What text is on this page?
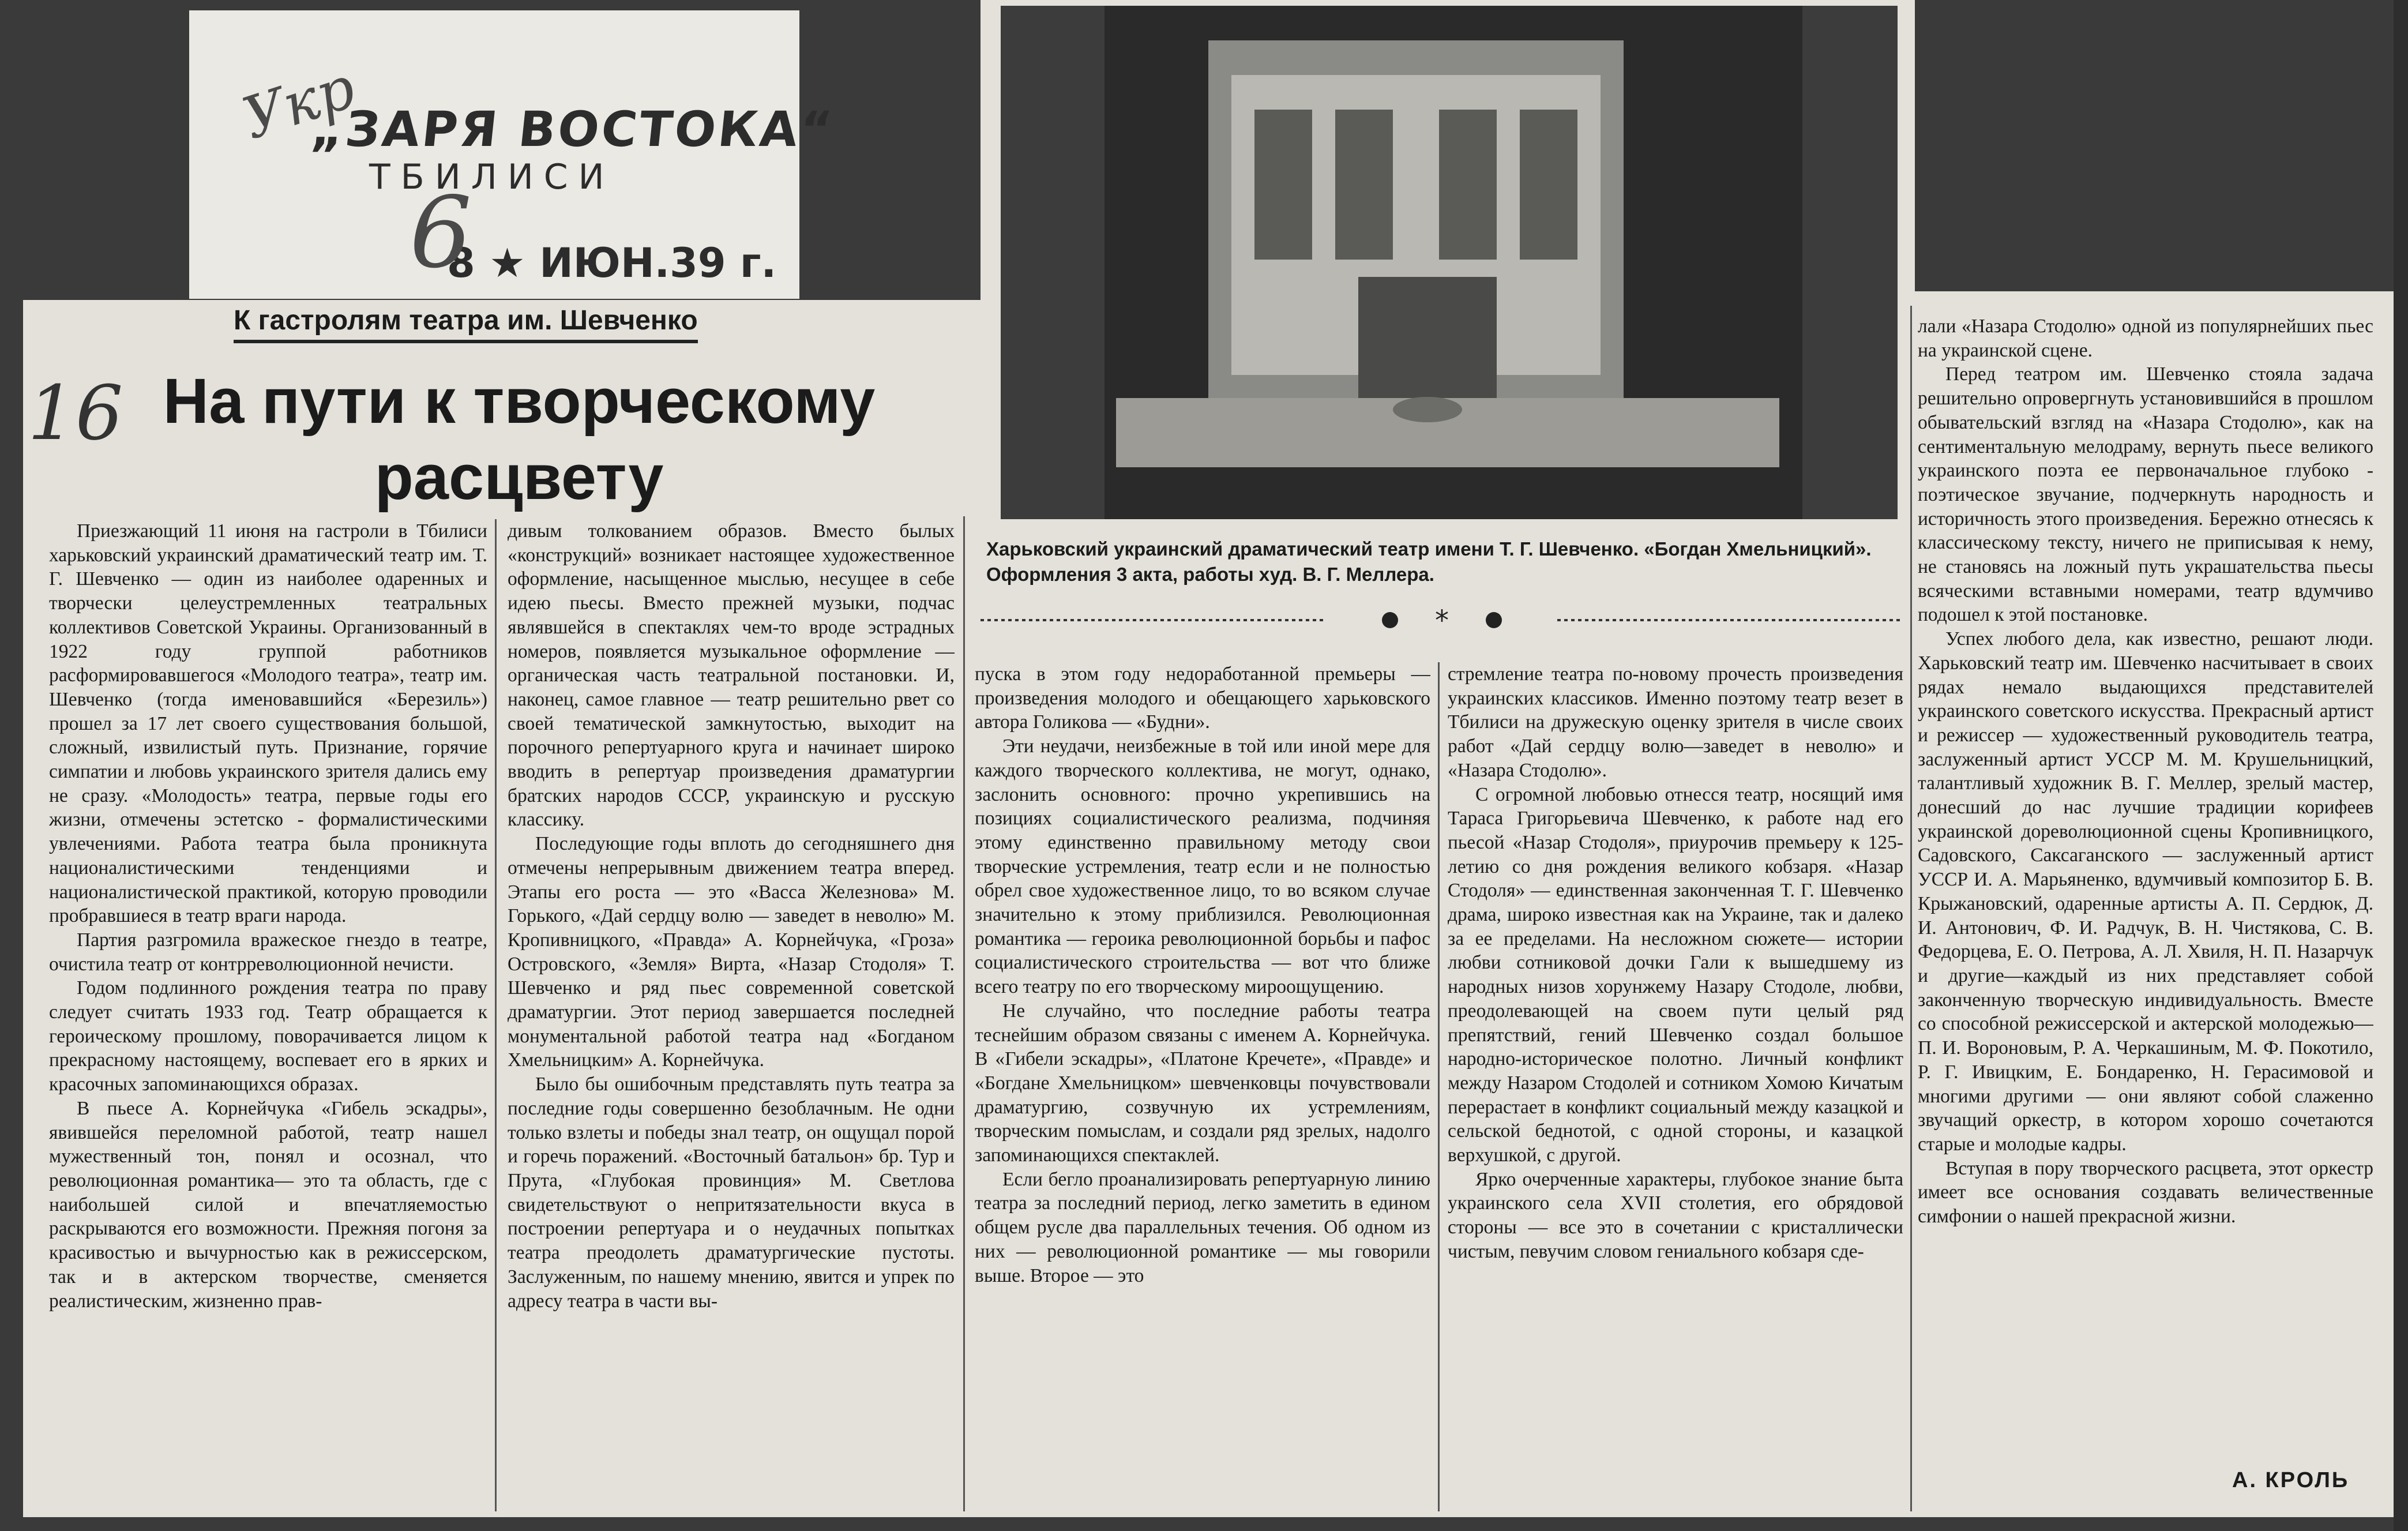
„ЗАРЯ ВОСТОКА“
ТБИЛИСИ
8 ★ ИЮН.39 г.
Укр
6
16
К гастролям театра им. Шевченко
На пути к творческому
расцвету
Харьковский украинский драматический театр имени Т. Г. Шевченко. «Богдан Хмельницкий». Оформления 3 акта, работы худ. В. Г. Меллера.
*

Приезжающий 11 июня на гастроли в Тбилиси харьковский украинский драматический театр им. Т. Г. Шевченко — один из наиболее одаренных и творчески целеустремленных театральных коллективов Советской Украины. Организованный в 1922 году группой работников расформировавшегося «Молодого театра», театр им. Шевченко (тогда именовавшийся «Березиль») прошел за 17 лет своего существования большой, сложный, извилистый путь. Признание, горячие симпатии и любовь украинского зрителя дались ему не сразу. «Молодость» театра, первые годы его жизни, отмечены эстетско - формалистическими увлечениями. Работа театра была проникнута националистическими тенденциями и националистической практикой, которую проводили пробравшиеся в театр враги народа.

Партия разгромила вражеское гнездо в театре, очистила театр от контрреволюционной нечисти.

Годом подлинного рождения театра по праву следует считать 1933 год. Театр обращается к героическому прошлому, поворачивается лицом к прекрасному настоящему, воспевает его в ярких и красочных запоминающихся образах.

В пьесе А. Корнейчука «Гибель эскадры», явившейся переломной работой, театр нашел мужественный тон, понял и осознал, что революционная романтика— это та область, где с наибольшей силой и впечатляемостью раскрываются его возможности. Прежняя погоня за красивостью и вычурностью как в режиссерском, так и в актерском творчестве, сменяется реалистическим, жизненно прав-

дивым толкованием образов. Вместо былых «конструкций» возникает настоящее художественное оформление, насыщенное мыслью, несущее в себе идею пьесы. Вместо прежней музыки, подчас являвшейся в спектаклях чем-то вроде эстрадных номеров, появляется музыкальное оформление — органическая часть театральной постановки. И, наконец, самое главное — театр решительно рвет со своей тематической замкнутостью, выходит на порочного репертуарного круга и начинает широко вводить в репертуар произведения драматургии братских народов СССР, украинскую и русскую классику.

Последующие годы вплоть до сегодняшнего дня отмечены непрерывным движением театра вперед. Этапы его роста — это «Васса Железнова» М. Горького, «Дай сердцу волю — заведет в неволю» М. Кропивницкого, «Правда» А. Корнейчука, «Гроза» Островского, «Земля» Вирта, «Назар Стодоля» Т. Шевченко и ряд пьес современной советской драматургии. Этот период завершается последней монументальной работой театра над «Богданом Хмельницким» А. Корнейчука.

Было бы ошибочным представлять путь театра за последние годы совершенно безоблачным. Не одни только взлеты и победы знал театр, он ощущал порой и горечь поражений. «Восточный батальон» бр. Тур и Прута, «Глубокая провинция» М. Светлова свидетельствуют о непритязательности вкуса в построении репертуара и о неудачных попытках театра преодолеть драматургические пустоты. Заслуженным, по нашему мнению, явится и упрек по адресу театра в части вы-

пуска в этом году недоработанной премьеры — произведения молодого и обещающего харьковского автора Голикова — «Будни».

Эти неудачи, неизбежные в той или иной мере для каждого творческого коллектива, не могут, однако, заслонить основного: прочно укрепившись на позициях социалистического реализма, подчиняя этому единственно правильному методу свои творческие устремления, театр если и не полностью обрел свое художественное лицо, то во всяком случае значительно к этому приблизился. Революционная романтика — героика революционной борьбы и пафос социалистического строительства — вот что ближе всего театру по его творческому мироощущению.

Не случайно, что последние работы театра теснейшим образом связаны с именем А. Корнейчука. В «Гибели эскадры», «Платоне Кречете», «Правде» и «Богдане Хмельницком» шевченковцы почувствовали драматургию, созвучную их устремлениям, творческим помыслам, и создали ряд зрелых, надолго запоминающихся спектаклей.

Если бегло проанализировать репертуарную линию театра за последний период, легко заметить в едином общем русле два параллельных течения. Об одном из них — революционной романтике — мы говорили выше. Второе — это

стремление театра по-новому прочесть произведения украинских классиков. Именно поэтому театр везет в Тбилиси на дружескую оценку зрителя в числе своих работ «Дай сердцу волю—заведет в неволю» и «Назара Стодолю».

С огромной любовью отнесся театр, носящий имя Тараса Григорьевича Шевченко, к работе над его пьесой «Назар Стодоля», приурочив премьеру к 125-летию со дня рождения великого кобзаря. «Назар Стодоля» — единственная законченная Т. Г. Шевченко драма, широко известная как на Украине, так и далеко за ее пределами. На несложном сюжете— истории любви сотниковой дочки Гали к вышедшему из народных низов хорунжему Назару Стодоле, любви, преодолевающей на своем пути целый ряд препятствий, гений Шевченко создал большое народно-историческое полотно. Личный конфликт между Назаром Стодолей и сотником Хомою Кичатым перерастает в конфликт социальный между казацкой и сельской беднотой, с одной стороны, и казацкой верхушкой, с другой.

Ярко очерченные характеры, глубокое знание быта украинского села XVII столетия, его обрядовой стороны — все это в сочетании с кристаллически чистым, певучим словом гениального кобзаря сде-

лали «Назара Стодолю» одной из популярнейших пьес на украинской сцене.

Перед театром им. Шевченко стояла задача решительно опровергнуть установившийся в прошлом обывательский взгляд на «Назара Стодолю», как на сентиментальную мелодраму, вернуть пьесе великого украинского поэта ее первоначальное глубоко - поэтическое звучание, подчеркнуть народность и историчность этого произведения. Бережно отнесясь к классическому тексту, ничего не приписывая к нему, не становясь на ложный путь украшательства пьесы всяческими вставными номерами, театр вдумчиво подошел к этой постановке.

Успех любого дела, как известно, решают люди. Харьковский театр им. Шевченко насчитывает в своих рядах немало выдающихся представителей украинского советского искусства. Прекрасный артист и режиссер — художественный руководитель театра, заслуженный артист УССР М. М. Крушельницкий, талантливый художник В. Г. Меллер, зрелый мастер, донесший до нас лучшие традиции корифеев украинской дореволюционной сцены Кропивницкого, Садовского, Саксаганского — заслуженный артист УССР И. А. Марьяненко, вдумчивый композитор Б. В. Крыжановский, одаренные артисты А. П. Сердюк, Д. И. Антонович, Ф. И. Радчук, В. Н. Чистякова, С. В. Федорцева, Е. О. Петрова, А. Л. Хвиля, Н. П. Назарчук и другие—каждый из них представляет собой законченную творческую индивидуальность. Вместе со способной режиссерской и актерской молодежью—П. И. Вороновым, Р. А. Черкашиным, М. Ф. Покотило, Р. Г. Ивицким, Е. Бондаренко, Н. Герасимовой и многими другими — они являют собой слаженно звучащий оркестр, в котором хорошо сочетаются старые и молодые кадры.

Вступая в пору творческого расцвета, этот оркестр имеет все основания создавать величественные симфонии о нашей прекрасной жизни.

А. КРОЛЬ
